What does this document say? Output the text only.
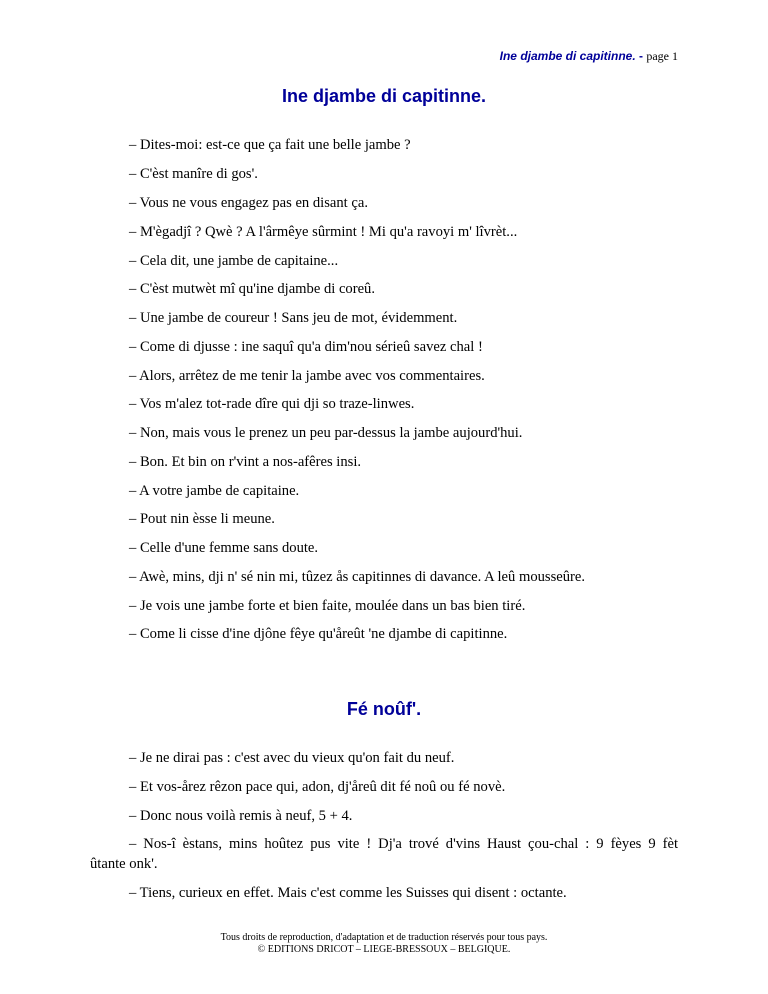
Ine djambe di capitinne. - page 1
Ine djambe di capitinne.

– Dites-moi: est-ce que ça fait une belle jambe ?

– C'èst manîre di gos'.

– Vous ne vous engagez pas en disant ça.

– M'ègadjî ? Qwè ? A l'ârmêye sûrmint ! Mi qu'a ravoyi m' lîvrèt...

– Cela dit, une jambe de capitaine...

– C'èst mutwèt mî qu'ine djambe di coreû.

– Une jambe de coureur ! Sans jeu de mot, évidemment.

– Come di djusse : ine saquî qu'a dim'nou sérieû savez chal !

– Alors, arrêtez de me tenir la jambe avec vos commentaires.

– Vos m'alez tot-rade dîre qui dji so traze-linwes.

– Non, mais vous le prenez un peu par-dessus la jambe aujourd'hui.

– Bon. Et bin on r'vint a nos-afêres insi.

– A votre jambe de capitaine.

– Pout nin èsse li meune.

– Celle d'une femme sans doute.

– Awè, mins, dji n' sé nin mi, tûzez ås capitinnes di davance. A leû mousseûre.

– Je vois une jambe forte et bien faite, moulée dans un bas bien tiré.

– Come li cisse d'ine djône fêye qu'åreût 'ne djambe di capitinne.

Fé noûf'.

– Je ne dirai pas : c'est avec du vieux qu'on fait du neuf.

– Et vos-årez rêzon pace qui, adon, dj'åreû dit fé noû ou fé novè.

– Donc nous voilà remis à neuf, 5 + 4.

– Nos-î èstans, mins hoûtez pus vite ! Dj'a trové d'vins Haust çou-chal : 9 fèyes 9 fèt

ûtante onk'.

– Tiens, curieux en effet. Mais c'est comme les Suisses qui disent : octante.

Tous droits de reproduction, d'adaptation et de traduction réservés pour tous pays.
© EDITIONS DRICOT – LIEGE-BRESSOUX – BELGIQUE.
